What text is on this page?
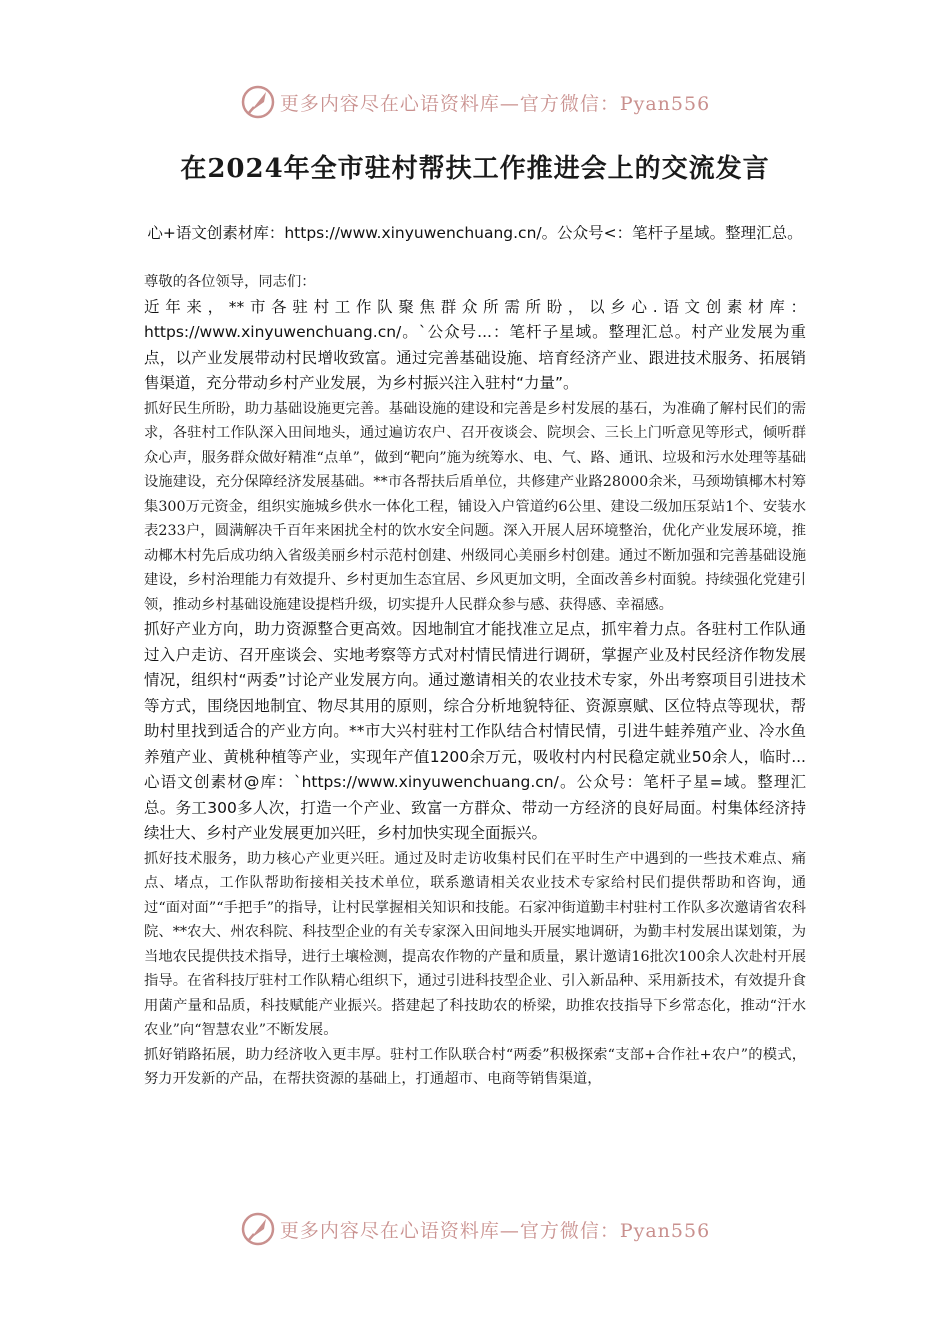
更多内容尽在心语资料库—官方微信：Pyan556
在2024年全市驻村帮扶工作推进会上的交流发言
心+语文创素材库：https://www.xinyuwenchuang.cn/。公众号<：笔杆子星域。整理汇总。

尊敬的各位领导，同志们：

近年来，**市各驻村工作队聚焦群众所需所盼，以乡心.语文创素材库：https://www.xinyuwenchuang.cn/。`公众号...：笔杆子星域。整理汇总。村产业发展为重点，以产业发展带动村民增收致富。通过完善基础设施、培育经济产业、跟进技术服务、拓展销售渠道，充分带动乡村产业发展，为乡村振兴注入驻村“力量”。

抓好民生所盼，助力基础设施更完善。基础设施的建设和完善是乡村发展的基石，为准确了解村民们的需求，各驻村工作队深入田间地头，通过遍访农户、召开夜谈会、院坝会、三长上门听意见等形式，倾听群众心声，服务群众做好精准“点单”，做到“靶向”施为统筹水、电、气、路、通讯、垃圾和污水处理等基础设施建设，充分保障经济发展基础。**市各帮扶后盾单位，共修建产业路28000余米，马颈坳镇椰木村筹集300万元资金，组织实施城乡供水一体化工程，铺设入户管道约6公里、建设二级加压泵站1个、安装水表233户，圆满解决千百年来困扰全村的饮水安全问题。深入开展人居环境整治，优化产业发展环境，推动椰木村先后成功纳入省级美丽乡村示范村创建、州级同心美丽乡村创建。通过不断加强和完善基础设施建设，乡村治理能力有效提升、乡村更加生态宜居、乡风更加文明，全面改善乡村面貌。持续强化党建引领，推动乡村基础设施建设提档升级，切实提升人民群众参与感、获得感、幸福感。

抓好产业方向，助力资源整合更高效。因地制宜才能找准立足点，抓牢着力点。各驻村工作队通过入户走访、召开座谈会、实地考察等方式对村情民情进行调研，掌握产业及村民经济作物发展情况，组织村“两委”讨论产业发展方向。通过邀请相关的农业技术专家，外出考察项目引进技术等方式，围绕因地制宜、物尽其用的原则，综合分析地貌特征、资源禀赋、区位特点等现状，帮助村里找到适合的产业方向。**市大兴村驻村工作队结合村情民情，引进牛蛙养殖产业、冷水鱼养殖产业、黄桃种植等产业，实现年产值1200余万元，吸收村内村民稳定就业50余人，临时...心语文创素材@库：`https://www.xinyuwenchuang.cn/。公众号：笔杆子星=域。整理汇总。务工300多人次，打造一个产业、致富一方群众、带动一方经济的良好局面。村集体经济持续壮大、乡村产业发展更加兴旺，乡村加快实现全面振兴。

抓好技术服务，助力核心产业更兴旺。通过及时走访收集村民们在平时生产中遇到的一些技术难点、痛点、堵点，工作队帮助衔接相关技术单位，联系邀请相关农业技术专家给村民们提供帮助和咨询，通过“面对面”“手把手”的指导，让村民掌握相关知识和技能。石家冲街道勤丰村驻村工作队多次邀请省农科院、**农大、州农科院、科技型企业的有关专家深入田间地头开展实地调研，为勤丰村发展出谋划策，为当地农民提供技术指导，进行土壤检测，提高农作物的产量和质量，累计邀请16批次100余人次赴村开展指导。在省科技厅驻村工作队精心组织下，通过引进科技型企业、引入新品种、采用新技术，有效提升食用菌产量和品质，科技赋能产业振兴。搭建起了科技助农的桥梁，助推农技指导下乡常态化，推动“汗水农业”向“智慧农业”不断发展。

抓好销路拓展，助力经济收入更丰厚。驻村工作队联合村“两委”积极探索“支部+合作社+农户”的模式，努力开发新的产品，在帮扶资源的基础上，打通超市、电商等销售渠道，

更多内容尽在心语资料库—官方微信：Pyan556
